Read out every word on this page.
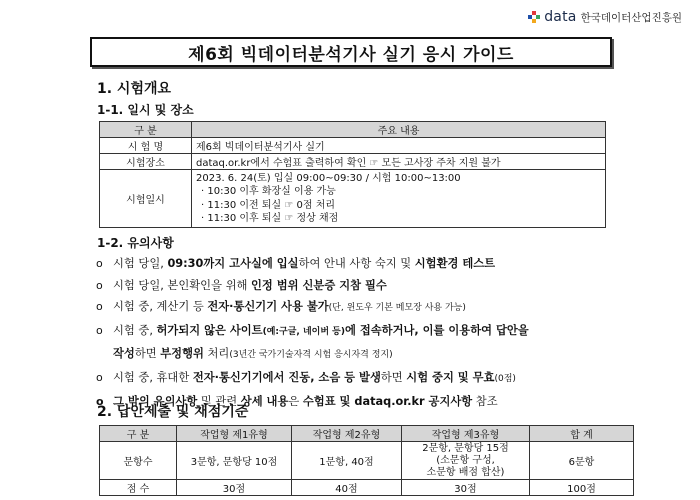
data 한국데이터산업진흥원
제6회 빅데이터분석기사 실기 응시 가이드
1. 시험개요
1-1. 일시 및 장소
구 분	주요 내용
시 험 명	제6회 빅데이터분석기사 실기
시험장소	dataq.or.kr에서 수험표 출력하여 확인 ☞ 모든 고사장 주차 지원 불가
시험일시	2023. 6. 24(토) 입실 09:00~09:30 / 시험 10:00~13:00
· 10:30 이후 화장실 이용 가능
· 11:30 이전 퇴실 ☞ 0점 처리
· 11:30 이후 퇴실 ☞ 정상 채점
1-2. 유의사항
o 시험 당일, 09:30까지 고사실에 입실하여 안내 사항 숙지 및 시험환경 테스트
o 시험 당일, 본인확인을 위해 인정 범위 신분증 지참 필수
o 시험 중, 계산기 등 전자·통신기기 사용 불가(단, 윈도우 기본 메모장 사용 가능)
o 시험 중, 허가되지 않은 사이트(예:구글, 네이버 등)에 접속하거나, 이를 이용하여 답안을
작성하면 부정행위 처리(3년간 국가기술자격 시험 응시자격 정지)
o 시험 중, 휴대한 전자·통신기기에서 진동, 소음 등 발생하면 시험 중지 및 무효(0점)
o 그 밖의 유의사항 및 관련 상세 내용은 수험표 및 dataq.or.kr 공지사항 참조
2. 답안제출 및 채점기준
구 분	작업형 제1유형	작업형 제2유형	작업형 제3유형	합 계
문항수	3문항, 문항당 10점	1문항, 40점	2문항, 문항당 15점
(소문항 구성,
소문항 배점 합산)	6문항
점 수	30점	40점	30점	100점
